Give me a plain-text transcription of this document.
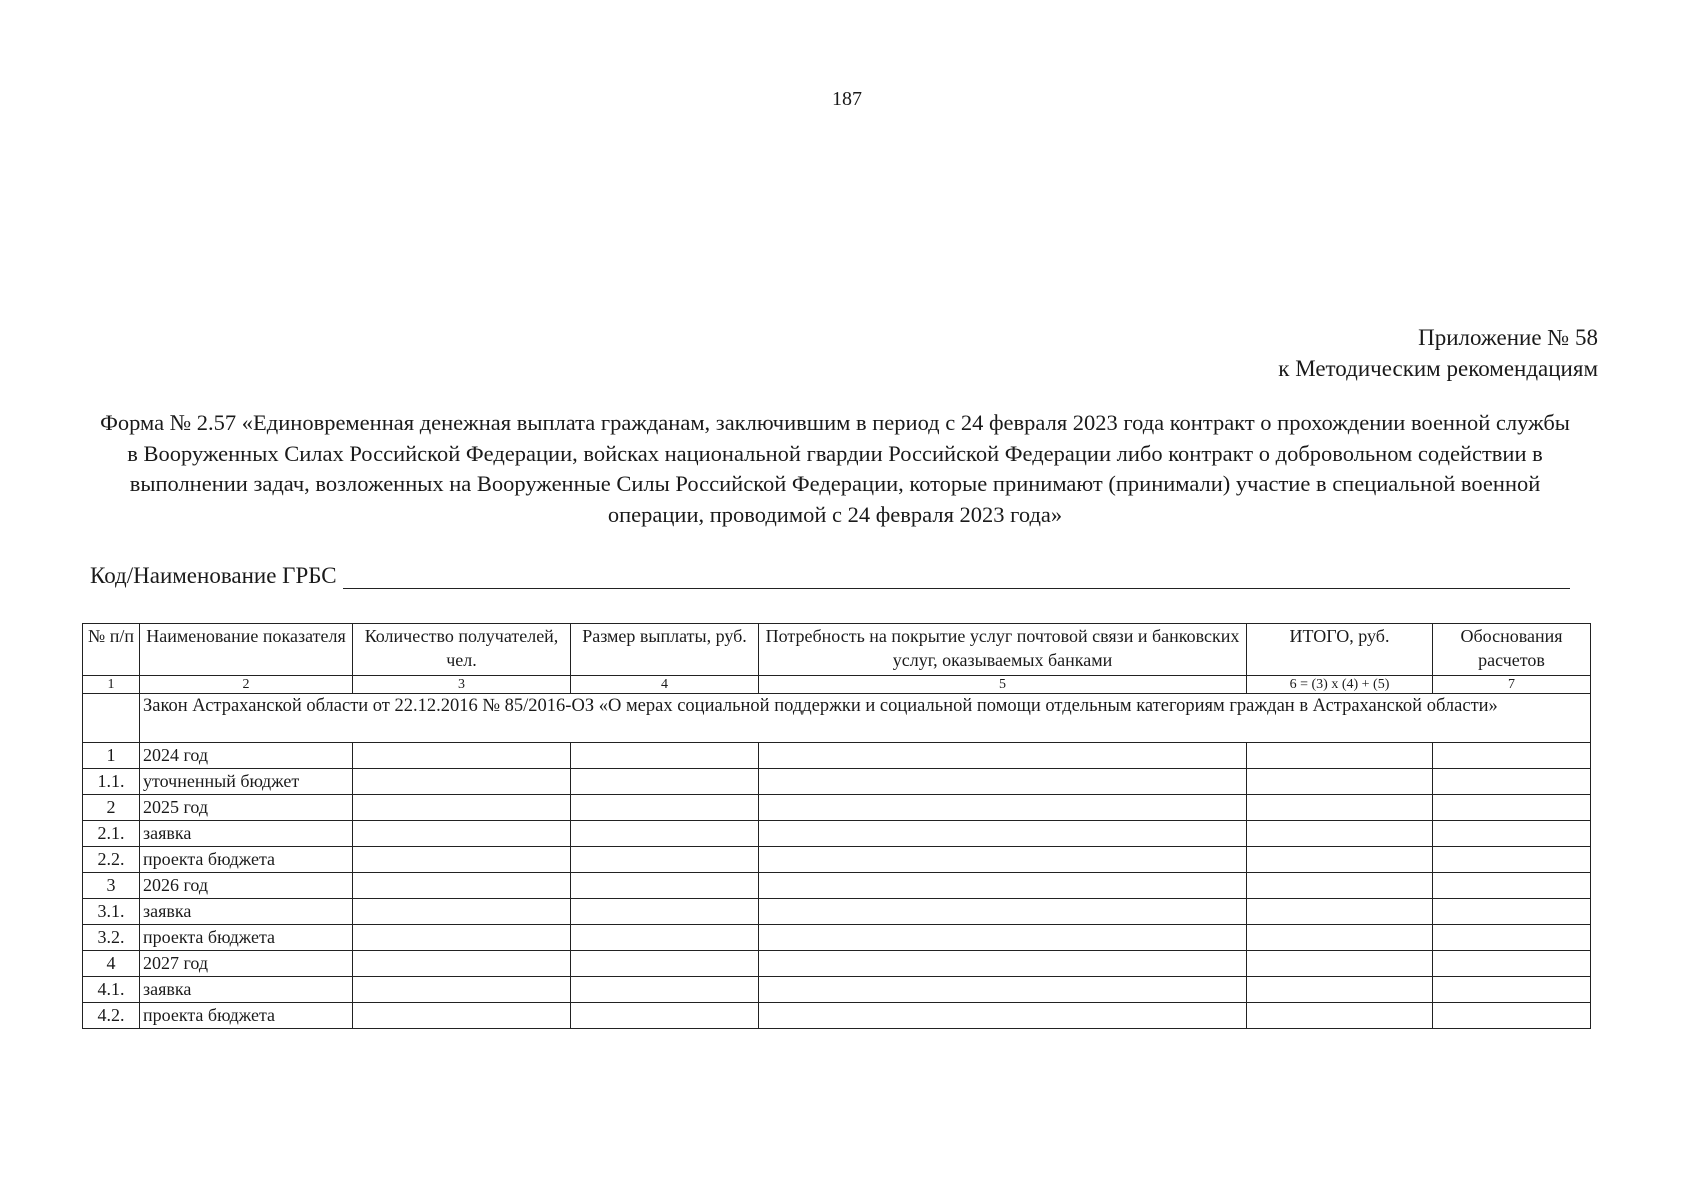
187
Приложение № 58
к Методическим рекомендациям
Форма № 2.57 «Единовременная денежная выплата гражданам, заключившим в период с 24 февраля 2023 года контракт о прохождении военной службы в Вооруженных Силах Российской Федерации, войсках национальной гвардии Российской Федерации либо контракт о добровольном содействии в выполнении задач, возложенных на Вооруженные Силы Российской Федерации, которые принимают (принимали) участие в специальной военной операции, проводимой с 24 февраля 2023 года»
Код/Наименование ГРБС
№ п/п	Наименование показателя	Количество получателей, чел.	Размер выплаты, руб.	Потребность на покрытие услуг почтовой связи и банковских услуг, оказываемых банками	ИТОГО, руб.	Обоснования расчетов
1	2	3	4	5	6 = (3) x (4) + (5)	7
	Закон Астраханской области от 22.12.2016 № 85/2016-ОЗ «О мерах социальной поддержки и социальной помощи отдельным категориям граждан в Астраханской области»					
1	2024 год					
1.1.	уточненный бюджет					
2	2025 год					
2.1.	заявка					
2.2.	проекта бюджета					
3	2026 год					
3.1.	заявка					
3.2.	проекта бюджета					
4	2027 год					
4.1.	заявка					
4.2.	проекта бюджета					
